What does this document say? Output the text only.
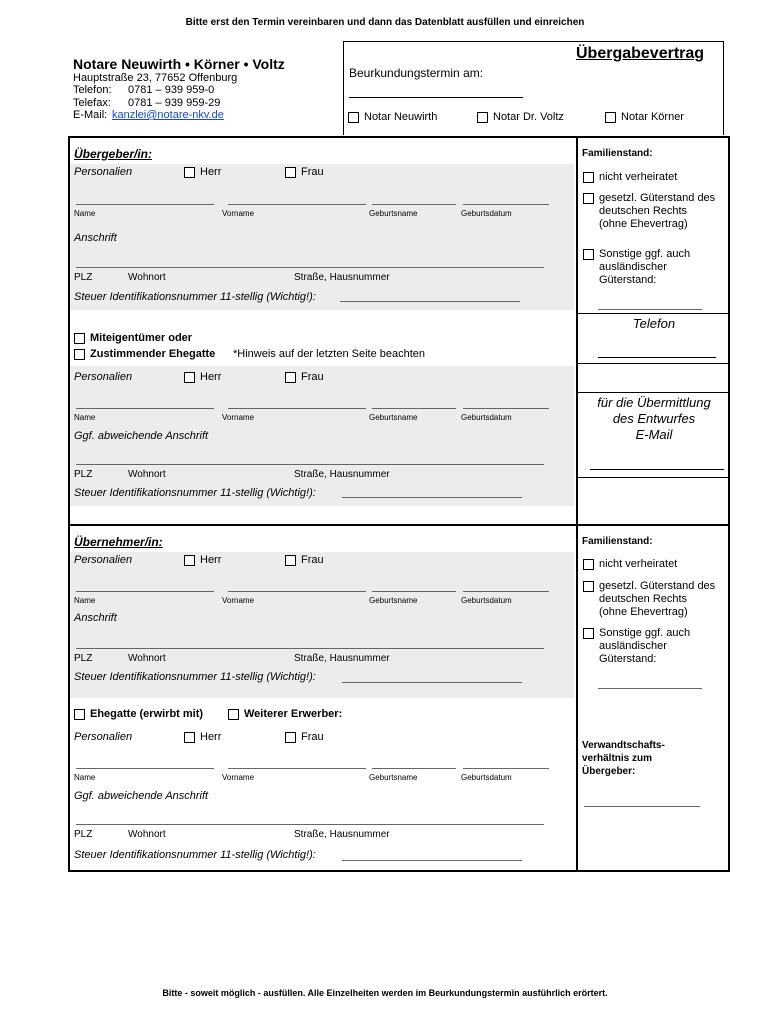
Bitte erst den Termin vereinbaren und dann das Datenblatt ausfüllen und einreichen
Notare Neuwirth • Körner • Voltz
Hauptstraße 23, 77652 Offenburg
Telefon: 0781 – 939 959-0
Telefax: 0781 – 939 959-29
E-Mail: kanzlei@notare-nkv.de
Übergabevertrag
Beurkundungstermin am:
Notar Neuwirth	Notar Dr. Voltz	Notar Körner
Übergeber/in:
Personalien	Herr	Frau
Name	Vorname	Geburtsname	Geburtsdatum
Anschrift
PLZ	Wohnort	Straße, Hausnummer
Steuer Identifikationsnummer 11-stellig (Wichtig!):
Miteigentümer oder
Zustimmender Ehegatte *Hinweis auf der letzten Seite beachten
Personalien	Herr	Frau
Name	Vorname	Geburtsname	Geburtsdatum
Ggf. abweichende Anschrift
PLZ	Wohnort	Straße, Hausnummer
Steuer Identifikationsnummer 11-stellig (Wichtig!):
Familienstand:
nicht verheiratet
gesetzl. Güterstand des
deutschen Rechts
(ohne Ehevertrag)
Sonstige ggf. auch
ausländischer
Güterstand:
Telefon
für die Übermittlung
des Entwurfes
E-Mail
Übernehmer/in:
Personalien	Herr	Frau
Name	Vorname	Geburtsname	Geburtsdatum
Anschrift
PLZ	Wohnort	Straße, Hausnummer
Steuer Identifikationsnummer 11-stellig (Wichtig!):
Ehegatte (erwirbt mit)	Weiterer Erwerber:
Personalien	Herr	Frau
Name	Vorname	Geburtsname	Geburtsdatum
Ggf. abweichende Anschrift
PLZ	Wohnort	Straße, Hausnummer
Steuer Identifikationsnummer 11-stellig (Wichtig!):
Familienstand:
nicht verheiratet
gesetzl. Güterstand des
deutschen Rechts
(ohne Ehevertrag)
Sonstige ggf. auch
ausländischer
Güterstand:
Verwandtschafts-
verhältnis zum
Übergeber:
Bitte - soweit möglich - ausfüllen. Alle Einzelheiten werden im Beurkundungstermin ausführlich erörtert.
